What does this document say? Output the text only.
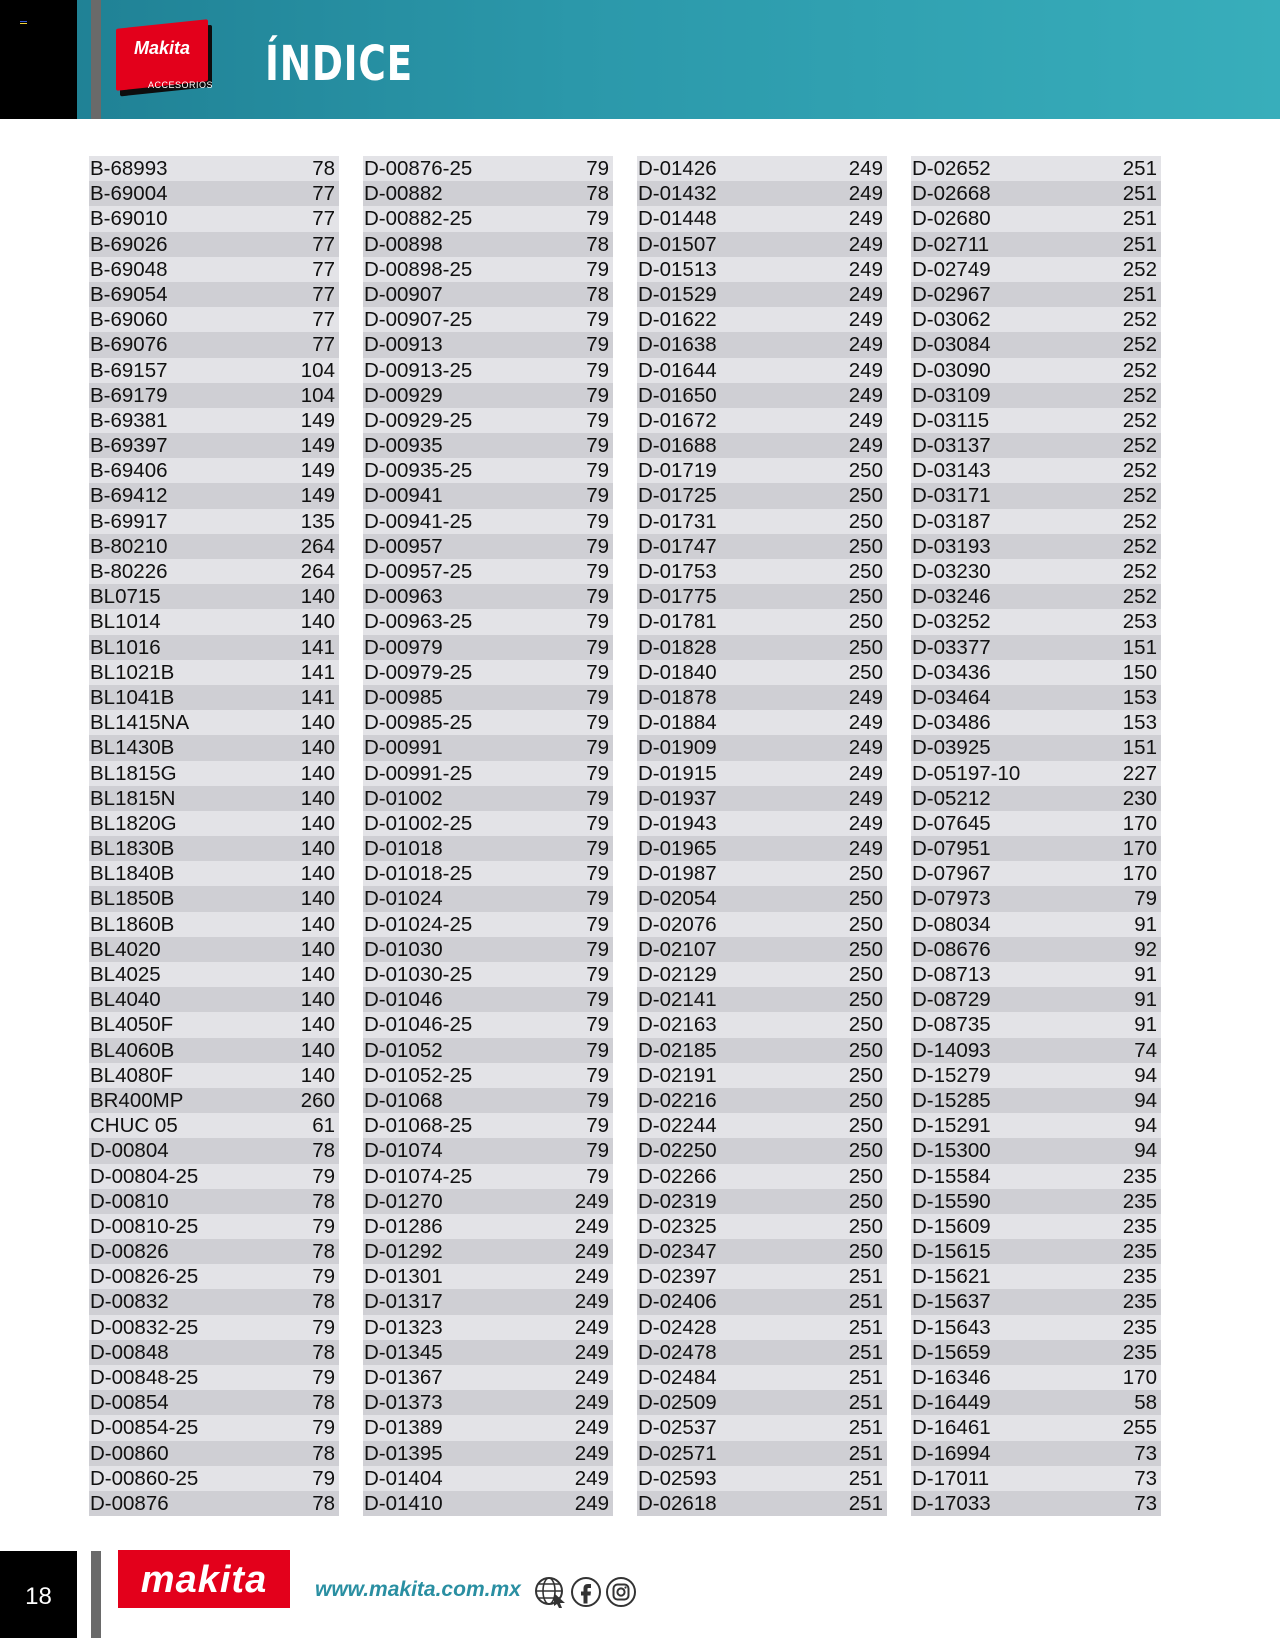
Makita
ACCESORIOS ÍNDICE
B-68993	78
B-69004	77
B-69010	77
B-69026	77
B-69048	77
B-69054	77
B-69060	77
B-69076	77
B-69157	104
B-69179	104
B-69381	149
B-69397	149
B-69406	149
B-69412	149
B-69917	135
B-80210	264
B-80226	264
BL0715	140
BL1014	140
BL1016	141
BL1021B	141
BL1041B	141
BL1415NA	140
BL1430B	140
BL1815G	140
BL1815N	140
BL1820G	140
BL1830B	140
BL1840B	140
BL1850B	140
BL1860B	140
BL4020	140
BL4025	140
BL4040	140
BL4050F	140
BL4060B	140
BL4080F	140
BR400MP	260
CHUC 05	61
D-00804	78
D-00804-25	79
D-00810	78
D-00810-25	79
D-00826	78
D-00826-25	79
D-00832	78
D-00832-25	79
D-00848	78
D-00848-25	79
D-00854	78
D-00854-25	79
D-00860	78
D-00860-25	79
D-00876	78
D-00876-25	79
D-00882	78
D-00882-25	79
D-00898	78
D-00898-25	79
D-00907	78
D-00907-25	79
D-00913	79
D-00913-25	79
D-00929	79
D-00929-25	79
D-00935	79
D-00935-25	79
D-00941	79
D-00941-25	79
D-00957	79
D-00957-25	79
D-00963	79
D-00963-25	79
D-00979	79
D-00979-25	79
D-00985	79
D-00985-25	79
D-00991	79
D-00991-25	79
D-01002	79
D-01002-25	79
D-01018	79
D-01018-25	79
D-01024	79
D-01024-25	79
D-01030	79
D-01030-25	79
D-01046	79
D-01046-25	79
D-01052	79
D-01052-25	79
D-01068	79
D-01068-25	79
D-01074	79
D-01074-25	79
D-01270	249
D-01286	249
D-01292	249
D-01301	249
D-01317	249
D-01323	249
D-01345	249
D-01367	249
D-01373	249
D-01389	249
D-01395	249
D-01404	249
D-01410	249
D-01426	249
D-01432	249
D-01448	249
D-01507	249
D-01513	249
D-01529	249
D-01622	249
D-01638	249
D-01644	249
D-01650	249
D-01672	249
D-01688	249
D-01719	250
D-01725	250
D-01731	250
D-01747	250
D-01753	250
D-01775	250
D-01781	250
D-01828	250
D-01840	250
D-01878	249
D-01884	249
D-01909	249
D-01915	249
D-01937	249
D-01943	249
D-01965	249
D-01987	250
D-02054	250
D-02076	250
D-02107	250
D-02129	250
D-02141	250
D-02163	250
D-02185	250
D-02191	250
D-02216	250
D-02244	250
D-02250	250
D-02266	250
D-02319	250
D-02325	250
D-02347	250
D-02397	251
D-02406	251
D-02428	251
D-02478	251
D-02484	251
D-02509	251
D-02537	251
D-02571	251
D-02593	251
D-02618	251
D-02652	251
D-02668	251
D-02680	251
D-02711	251
D-02749	252
D-02967	251
D-03062	252
D-03084	252
D-03090	252
D-03109	252
D-03115	252
D-03137	252
D-03143	252
D-03171	252
D-03187	252
D-03193	252
D-03230	252
D-03246	252
D-03252	253
D-03377	151
D-03436	150
D-03464	153
D-03486	153
D-03925	151
D-05197-10	227
D-05212	230
D-07645	170
D-07951	170
D-07967	170
D-07973	79
D-08034	91
D-08676	92
D-08713	91
D-08729	91
D-08735	91
D-14093	74
D-15279	94
D-15285	94
D-15291	94
D-15300	94
D-15584	235
D-15590	235
D-15609	235
D-15615	235
D-15621	235
D-15637	235
D-15643	235
D-15659	235
D-16346	170
D-16449	58
D-16461	255
D-16994	73
D-17011	73
D-17033	73
18	makita	www.makita.com.mx
